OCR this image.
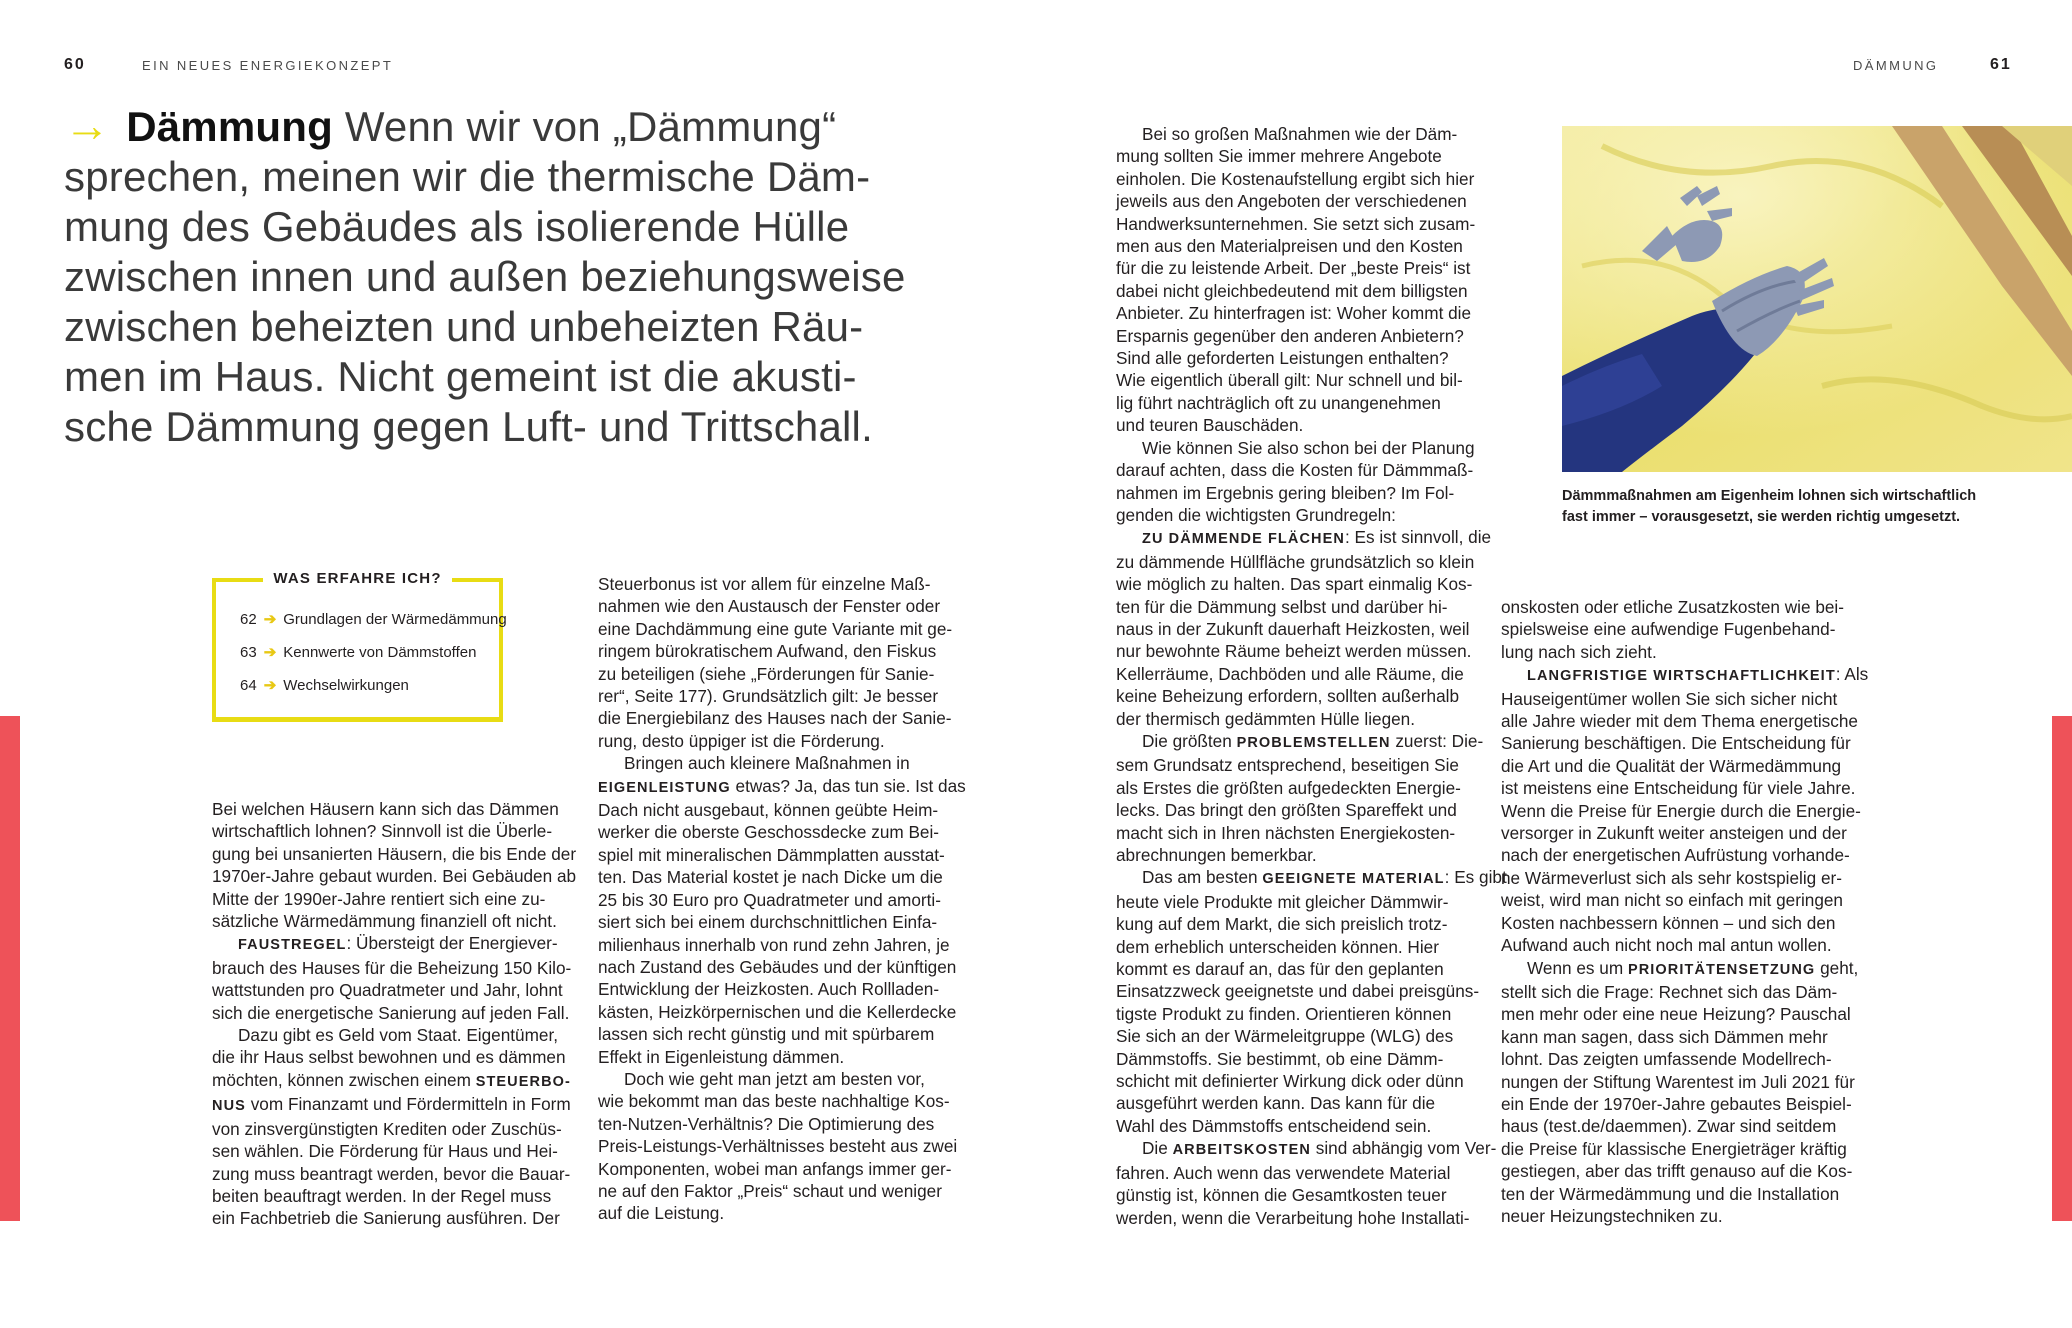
60	EIN NEUES ENERGIEKONZEPT	DÄMMUNG	61
→ Dämmung Wenn wir von „Dämmung“
sprechen, meinen wir die thermische Däm-
mung des Gebäudes als isolierende Hülle
zwischen innen und außen beziehungsweise
zwischen beheizten und unbeheizten Räu-
men im Haus. Nicht gemeint ist die akusti-
sche Dämmung gegen Luft- und Trittschall.
WAS ERFAHRE ICH?
62 ➔ Grundlagen der Wärmedämmung
63 ➔ Kennwerte von Dämmstoffen
64 ➔ Wechselwirkungen
Bei welchen Häusern kann sich das Dämmen
wirtschaftlich lohnen? Sinnvoll ist die Überle-
gung bei unsanierten Häusern, die bis Ende der
1970er-Jahre gebaut wurden. Bei Gebäuden ab
Mitte der 1990er-Jahre rentiert sich eine zu-
sätzliche Wärmedämmung finanziell oft nicht.
FAUSTREGEL: Übersteigt der Energiever-
brauch des Hauses für die Beheizung 150 Kilo-
wattstunden pro Quadratmeter und Jahr, lohnt
sich die energetische Sanierung auf jeden Fall.
Dazu gibt es Geld vom Staat. Eigentümer,
die ihr Haus selbst bewohnen und es dämmen
möchten, können zwischen einem STEUERBO-
NUS vom Finanzamt und Fördermitteln in Form
von zinsvergünstigten Krediten oder Zuschüs-
sen wählen. Die Förderung für Haus und Hei-
zung muss beantragt werden, bevor die Bauar-
beiten beauftragt werden. In der Regel muss
ein Fachbetrieb die Sanierung ausführen. Der
Steuerbonus ist vor allem für einzelne Maß-
nahmen wie den Austausch der Fenster oder
eine Dachdämmung eine gute Variante mit ge-
ringem bürokratischem Aufwand, den Fiskus
zu beteiligen (siehe „Förderungen für Sanie-
rer“, Seite 177). Grundsätzlich gilt: Je besser
die Energiebilanz des Hauses nach der Sanie-
rung, desto üppiger ist die Förderung.
Bringen auch kleinere Maßnahmen in
EIGENLEISTUNG etwas? Ja, das tun sie. Ist das
Dach nicht ausgebaut, können geübte Heim-
werker die oberste Geschossdecke zum Bei-
spiel mit mineralischen Dämmplatten ausstat-
ten. Das Material kostet je nach Dicke um die
25 bis 30 Euro pro Quadratmeter und amorti-
siert sich bei einem durchschnittlichen Einfa-
milienhaus innerhalb von rund zehn Jahren, je
nach Zustand des Gebäudes und der künftigen
Entwicklung der Heizkosten. Auch Rollladen-
kästen, Heizkörpernischen und die Kellerdecke
lassen sich recht günstig und mit spürbarem
Effekt in Eigenleistung dämmen.
Doch wie geht man jetzt am besten vor,
wie bekommt man das beste nachhaltige Kos-
ten-Nutzen-Verhältnis? Die Optimierung des
Preis-Leistungs-Verhältnisses besteht aus zwei
Komponenten, wobei man anfangs immer ger-
ne auf den Faktor „Preis“ schaut und weniger
auf die Leistung.
Bei so großen Maßnahmen wie der Däm-
mung sollten Sie immer mehrere Angebote
einholen. Die Kostenaufstellung ergibt sich hier
jeweils aus den Angeboten der verschiedenen
Handwerksunternehmen. Sie setzt sich zusam-
men aus den Materialpreisen und den Kosten
für die zu leistende Arbeit. Der „beste Preis“ ist
dabei nicht gleichbedeutend mit dem billigsten
Anbieter. Zu hinterfragen ist: Woher kommt die
Ersparnis gegenüber den anderen Anbietern?
Sind alle geforderten Leistungen enthalten?
Wie eigentlich überall gilt: Nur schnell und bil-
lig führt nachträglich oft zu unangenehmen
und teuren Bauschäden.
Wie können Sie also schon bei der Planung
darauf achten, dass die Kosten für Dämmmaß-
nahmen im Ergebnis gering bleiben? Im Fol-
genden die wichtigsten Grundregeln:
ZU DÄMMENDE FLÄCHEN: Es ist sinnvoll, die
zu dämmende Hüllfläche grundsätzlich so klein
wie möglich zu halten. Das spart einmalig Kos-
ten für die Dämmung selbst und darüber hi-
naus in der Zukunft dauerhaft Heizkosten, weil
nur bewohnte Räume beheizt werden müssen.
Kellerräume, Dachböden und alle Räume, die
keine Beheizung erfordern, sollten außerhalb
der thermisch gedämmten Hülle liegen.
Die größten PROBLEMSTELLEN zuerst: Die-
sem Grundsatz entsprechend, beseitigen Sie
als Erstes die größten aufgedeckten Energie-
lecks. Das bringt den größten Spareffekt und
macht sich in Ihren nächsten Energiekosten-
abrechnungen bemerkbar.
Das am besten GEEIGNETE MATERIAL: Es gibt
heute viele Produkte mit gleicher Dämmwir-
kung auf dem Markt, die sich preislich trotz-
dem erheblich unterscheiden können. Hier
kommt es darauf an, das für den geplanten
Einsatzzweck geeignetste und dabei preisgüns-
tigste Produkt zu finden. Orientieren können
Sie sich an der Wärmeleitgruppe (WLG) des
Dämmstoffs. Sie bestimmt, ob eine Dämm-
schicht mit definierter Wirkung dick oder dünn
ausgeführt werden kann. Das kann für die
Wahl des Dämmstoffs entscheidend sein.
Die ARBEITSKOSTEN sind abhängig vom Ver-
fahren. Auch wenn das verwendete Material
günstig ist, können die Gesamtkosten teuer
werden, wenn die Verarbeitung hohe Installati-
onskosten oder etliche Zusatzkosten wie bei-
spielsweise eine aufwendige Fugenbehand-
lung nach sich zieht.
LANGFRISTIGE WIRTSCHAFTLICHKEIT: Als
Hauseigentümer wollen Sie sich sicher nicht
alle Jahre wieder mit dem Thema energetische
Sanierung beschäftigen. Die Entscheidung für
die Art und die Qualität der Wärmedämmung
ist meistens eine Entscheidung für viele Jahre.
Wenn die Preise für Energie durch die Energie-
versorger in Zukunft weiter ansteigen und der
nach der energetischen Aufrüstung vorhande-
ne Wärmeverlust sich als sehr kostspielig er-
weist, wird man nicht so einfach mit geringen
Kosten nachbessern können – und sich den
Aufwand auch nicht noch mal antun wollen.
Wenn es um PRIORITÄTENSETZUNG geht,
stellt sich die Frage: Rechnet sich das Däm-
men mehr oder eine neue Heizung? Pauschal
kann man sagen, dass sich Dämmen mehr
lohnt. Das zeigten umfassende Modellrech-
nungen der Stiftung Warentest im Juli 2021 für
ein Ende der 1970er-Jahre gebautes Beispiel-
haus (test.de/daemmen). Zwar sind seitdem
die Preise für klassische Energieträger kräftig
gestiegen, aber das trifft genauso auf die Kos-
ten der Wärmedämmung und die Installation
neuer Heizungstechniken zu.
Dämmmaßnahmen am Eigenheim lohnen sich wirtschaftlich
fast immer – vorausgesetzt, sie werden richtig umgesetzt.
